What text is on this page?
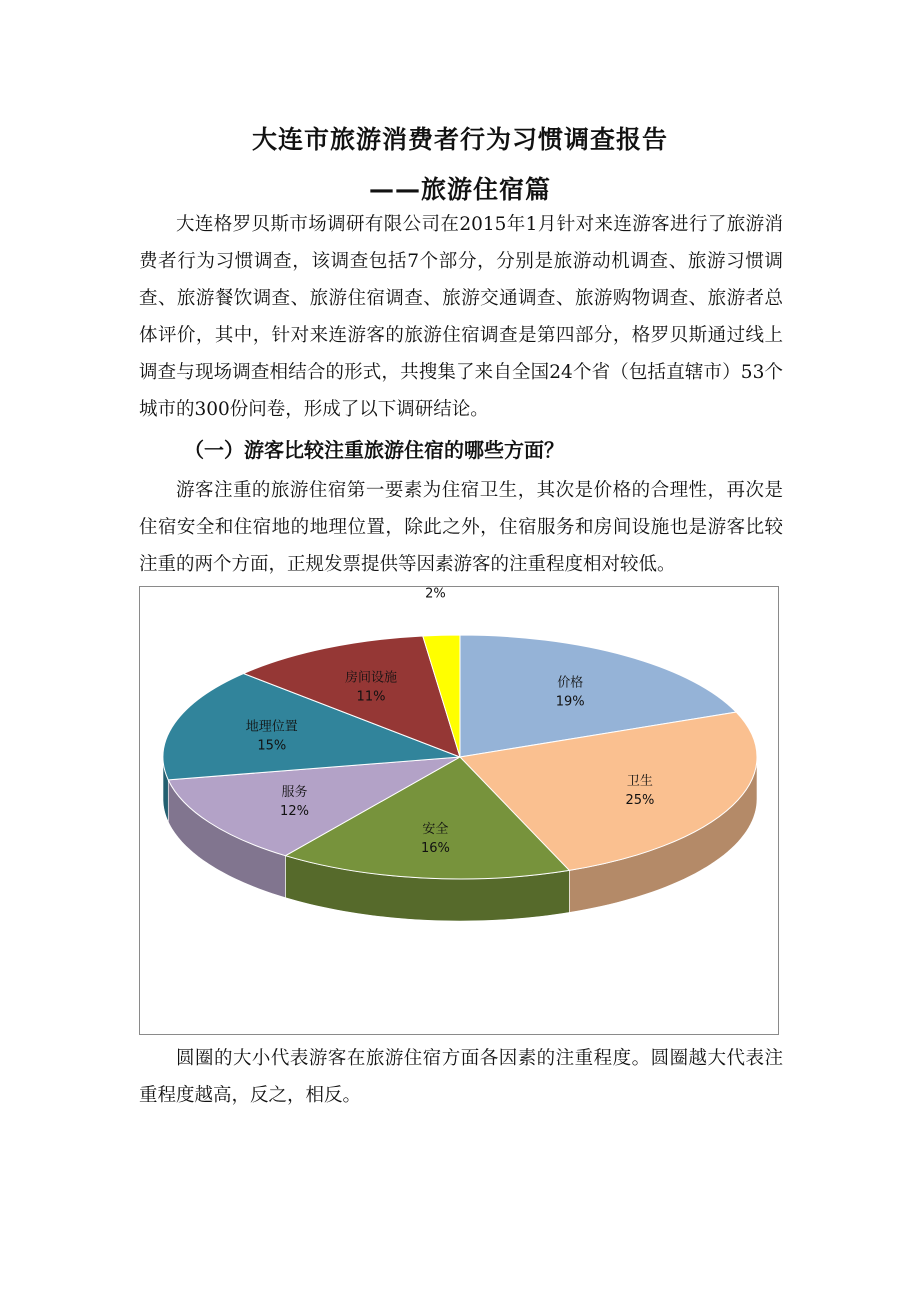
大连市旅游消费者行为习惯调查报告
——旅游住宿篇

大连格罗贝斯市场调研有限公司在2015年1月针对来连游客进行了旅游消费者行为习惯调查，该调查包括7个部分，分别是旅游动机调查、旅游习惯调查、旅游餐饮调查、旅游住宿调查、旅游交通调查、旅游购物调查、旅游者总体评价，其中，针对来连游客的旅游住宿调查是第四部分，格罗贝斯通过线上调查与现场调查相结合的形式，共搜集了来自全国24个省（包括直辖市）53个城市的300份问卷，形成了以下调研结论。

（一）游客比较注重旅游住宿的哪些方面？

游客注重的旅游住宿第一要素为住宿卫生，其次是价格的合理性，再次是住宿安全和住宿地的地理位置，除此之外，住宿服务和房间设施也是游客比较注重的两个方面，正规发票提供等因素游客的注重程度相对较低。

价格
19%
卫生
25%
安全
16%
服务
12%
地理位置
15%
房间设施
11%
2%

圆圈的大小代表游客在旅游住宿方面各因素的注重程度。圆圈越大代表注重程度越高，反之，相反。
